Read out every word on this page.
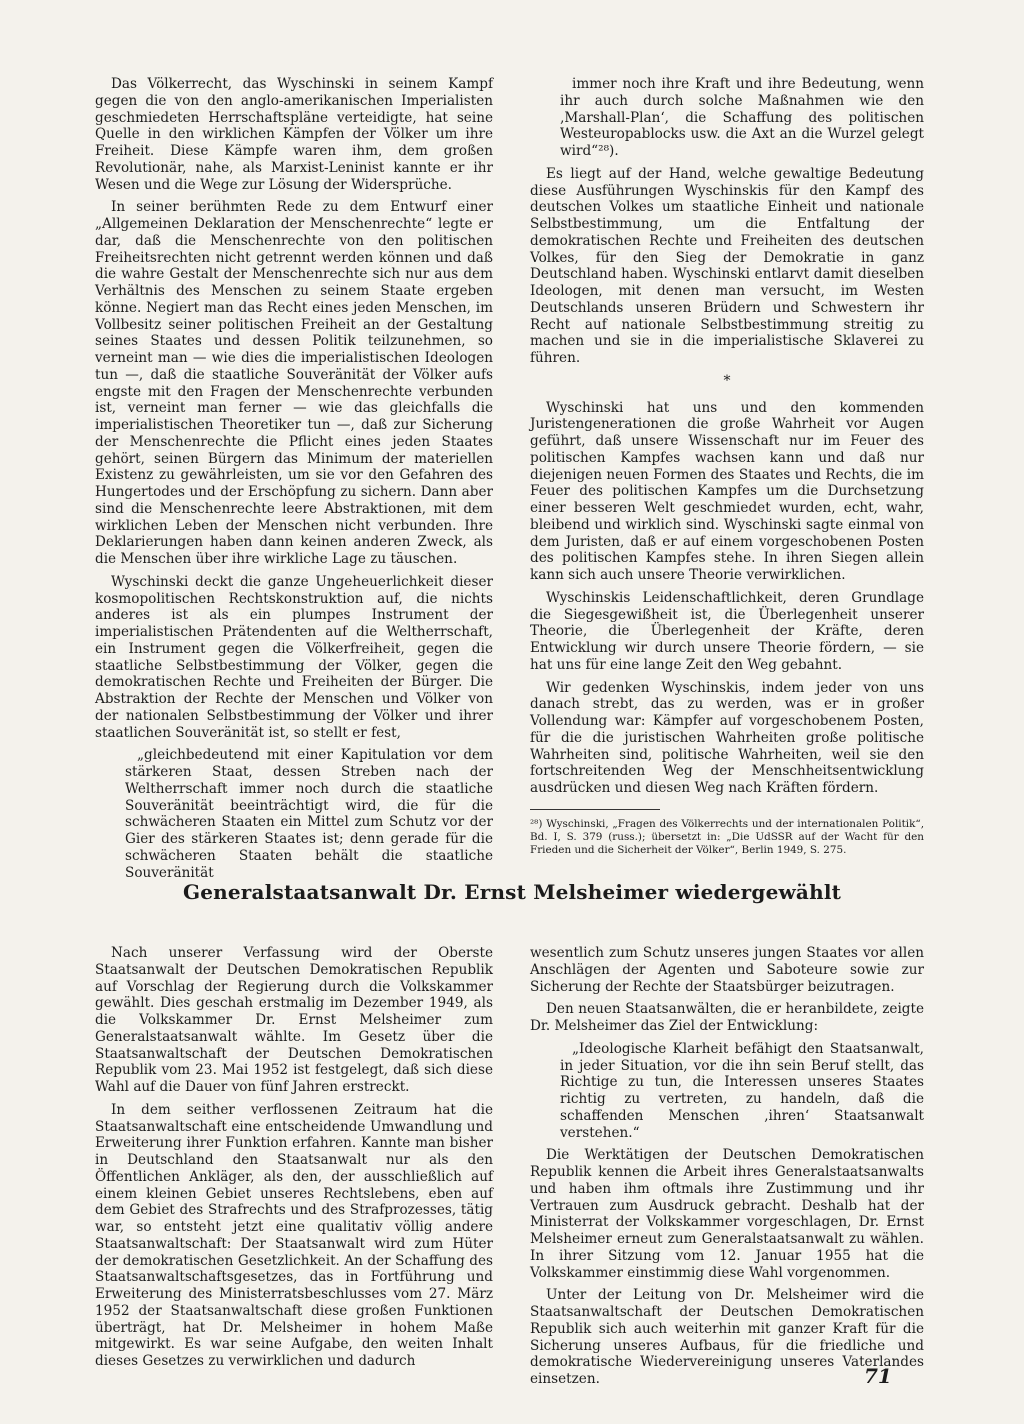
Das Völkerrecht, das Wyschinski in seinem Kampf gegen die von den anglo-amerikanischen Imperialisten geschmiedeten Herrschaftspläne verteidigte, hat seine Quelle in den wirklichen Kämpfen der Völker um ihre Freiheit. Diese Kämpfe waren ihm, dem großen Revolutionär, nahe, als Marxist-Leninist kannte er ihr Wesen und die Wege zur Lösung der Widersprüche.

In seiner berühmten Rede zu dem Entwurf einer „Allgemeinen Deklaration der Menschenrechte“ legte er dar, daß die Menschenrechte von den politischen Freiheitsrechten nicht getrennt werden können und daß die wahre Gestalt der Menschenrechte sich nur aus dem Verhältnis des Menschen zu seinem Staate ergeben könne. Negiert man das Recht eines jeden Menschen, im Vollbesitz seiner politischen Freiheit an der Gestaltung seines Staates und dessen Politik teilzunehmen, so verneint man — wie dies die imperialistischen Ideologen tun —, daß die staatliche Souveränität der Völker aufs engste mit den Fragen der Menschenrechte verbunden ist, verneint man ferner — wie das gleichfalls die imperialistischen Theoretiker tun —, daß zur Sicherung der Menschenrechte die Pflicht eines jeden Staates gehört, seinen Bürgern das Minimum der materiellen Existenz zu gewährleisten, um sie vor den Gefahren des Hungertodes und der Erschöpfung zu sichern. Dann aber sind die Menschenrechte leere Abstraktionen, mit dem wirklichen Leben der Menschen nicht verbunden. Ihre Deklarierungen haben dann keinen anderen Zweck, als die Menschen über ihre wirkliche Lage zu täuschen.

Wyschinski deckt die ganze Ungeheuerlichkeit dieser kosmopolitischen Rechtskonstruktion auf, die nichts anderes ist als ein plumpes Instrument der imperialistischen Prätendenten auf die Weltherrschaft, ein Instrument gegen die Völkerfreiheit, gegen die staatliche Selbstbestimmung der Völker, gegen die demokratischen Rechte und Freiheiten der Bürger. Die Abstraktion der Rechte der Menschen und Völker von der nationalen Selbstbestimmung der Völker und ihrer staatlichen Souveränität ist, so stellt er fest,

„gleichbedeutend mit einer Kapitulation vor dem stärkeren Staat, dessen Streben nach der Weltherrschaft immer noch durch die staatliche Souveränität beeinträchtigt wird, die für die schwächeren Staaten ein Mittel zum Schutz vor der Gier des stärkeren Staates ist; denn gerade für die schwächeren Staaten behält die staatliche Souveränität

immer noch ihre Kraft und ihre Bedeutung, wenn ihr auch durch solche Maßnahmen wie den ‚Marshall-Plan‘, die Schaffung des politischen Westeuropablocks usw. die Axt an die Wurzel gelegt wird“²⁸).

Es liegt auf der Hand, welche gewaltige Bedeutung diese Ausführungen Wyschinskis für den Kampf des deutschen Volkes um staatliche Einheit und nationale Selbstbestimmung, um die Entfaltung der demokratischen Rechte und Freiheiten des deutschen Volkes, für den Sieg der Demokratie in ganz Deutschland haben. Wyschinski entlarvt damit dieselben Ideologen, mit denen man versucht, im Westen Deutschlands unseren Brüdern und Schwestern ihr Recht auf nationale Selbstbestimmung streitig zu machen und sie in die imperialistische Sklaverei zu führen.

*

Wyschinski hat uns und den kommenden Juristengenerationen die große Wahrheit vor Augen geführt, daß unsere Wissenschaft nur im Feuer des politischen Kampfes wachsen kann und daß nur diejenigen neuen Formen des Staates und Rechts, die im Feuer des politischen Kampfes um die Durchsetzung einer besseren Welt geschmiedet wurden, echt, wahr, bleibend und wirklich sind. Wyschinski sagte einmal von dem Juristen, daß er auf einem vorgeschobenen Posten des politischen Kampfes stehe. In ihren Siegen allein kann sich auch unsere Theorie verwirklichen.

Wyschinskis Leidenschaftlichkeit, deren Grundlage die Siegesgewißheit ist, die Überlegenheit unserer Theorie, die Überlegenheit der Kräfte, deren Entwicklung wir durch unsere Theorie fördern, — sie hat uns für eine lange Zeit den Weg gebahnt.

Wir gedenken Wyschinskis, indem jeder von uns danach strebt, das zu werden, was er in großer Vollendung war: Kämpfer auf vorgeschobenem Posten, für die die juristischen Wahrheiten große politische Wahrheiten sind, politische Wahrheiten, weil sie den fortschreitenden Weg der Menschheitsentwicklung ausdrücken und diesen Weg nach Kräften fördern.

²⁸) Wyschinski, „Fragen des Völkerrechts und der internationalen Politik“, Bd. I, S. 379 (russ.); übersetzt in: „Die UdSSR auf der Wacht für den Frieden und die Sicherheit der Völker“, Berlin 1949, S. 275.

Generalstaatsanwalt Dr. Ernst Melsheimer wiedergewählt

Nach unserer Verfassung wird der Oberste Staatsanwalt der Deutschen Demokratischen Republik auf Vorschlag der Regierung durch die Volkskammer gewählt. Dies geschah erstmalig im Dezember 1949, als die Volkskammer Dr. Ernst Melsheimer zum Generalstaatsanwalt wählte. Im Gesetz über die Staatsanwaltschaft der Deutschen Demokratischen Republik vom 23. Mai 1952 ist festgelegt, daß sich diese Wahl auf die Dauer von fünf Jahren erstreckt.

In dem seither verflossenen Zeitraum hat die Staatsanwaltschaft eine entscheidende Umwandlung und Erweiterung ihrer Funktion erfahren. Kannte man bisher in Deutschland den Staatsanwalt nur als den Öffentlichen Ankläger, als den, der ausschließlich auf einem kleinen Gebiet unseres Rechtslebens, eben auf dem Gebiet des Strafrechts und des Strafprozesses, tätig war, so entsteht jetzt eine qualitativ völlig andere Staatsanwaltschaft: Der Staatsanwalt wird zum Hüter der demokratischen Gesetzlichkeit. An der Schaffung des Staatsanwaltschaftsgesetzes, das in Fortführung und Erweiterung des Ministerratsbeschlusses vom 27. März 1952 der Staatsanwaltschaft diese großen Funktionen überträgt, hat Dr. Melsheimer in hohem Maße mitgewirkt. Es war seine Aufgabe, den weiten Inhalt dieses Gesetzes zu verwirklichen und dadurch

wesentlich zum Schutz unseres jungen Staates vor allen Anschlägen der Agenten und Saboteure sowie zur Sicherung der Rechte der Staatsbürger beizutragen.

Den neuen Staatsanwälten, die er heranbildete, zeigte Dr. Melsheimer das Ziel der Entwicklung:

„Ideologische Klarheit befähigt den Staatsanwalt, in jeder Situation, vor die ihn sein Beruf stellt, das Richtige zu tun, die Interessen unseres Staates richtig zu vertreten, zu handeln, daß die schaffenden Menschen ‚ihren‘ Staatsanwalt verstehen.“

Die Werktätigen der Deutschen Demokratischen Republik kennen die Arbeit ihres Generalstaatsanwalts und haben ihm oftmals ihre Zustimmung und ihr Vertrauen zum Ausdruck gebracht. Deshalb hat der Ministerrat der Volkskammer vorgeschlagen, Dr. Ernst Melsheimer erneut zum Generalstaatsanwalt zu wählen. In ihrer Sitzung vom 12. Januar 1955 hat die Volkskammer einstimmig diese Wahl vorgenommen.

Unter der Leitung von Dr. Melsheimer wird die Staatsanwaltschaft der Deutschen Demokratischen Republik sich auch weiterhin mit ganzer Kraft für die Sicherung unseres Aufbaus, für die friedliche und demokratische Wiedervereinigung unseres Vaterlandes einsetzen.	71
